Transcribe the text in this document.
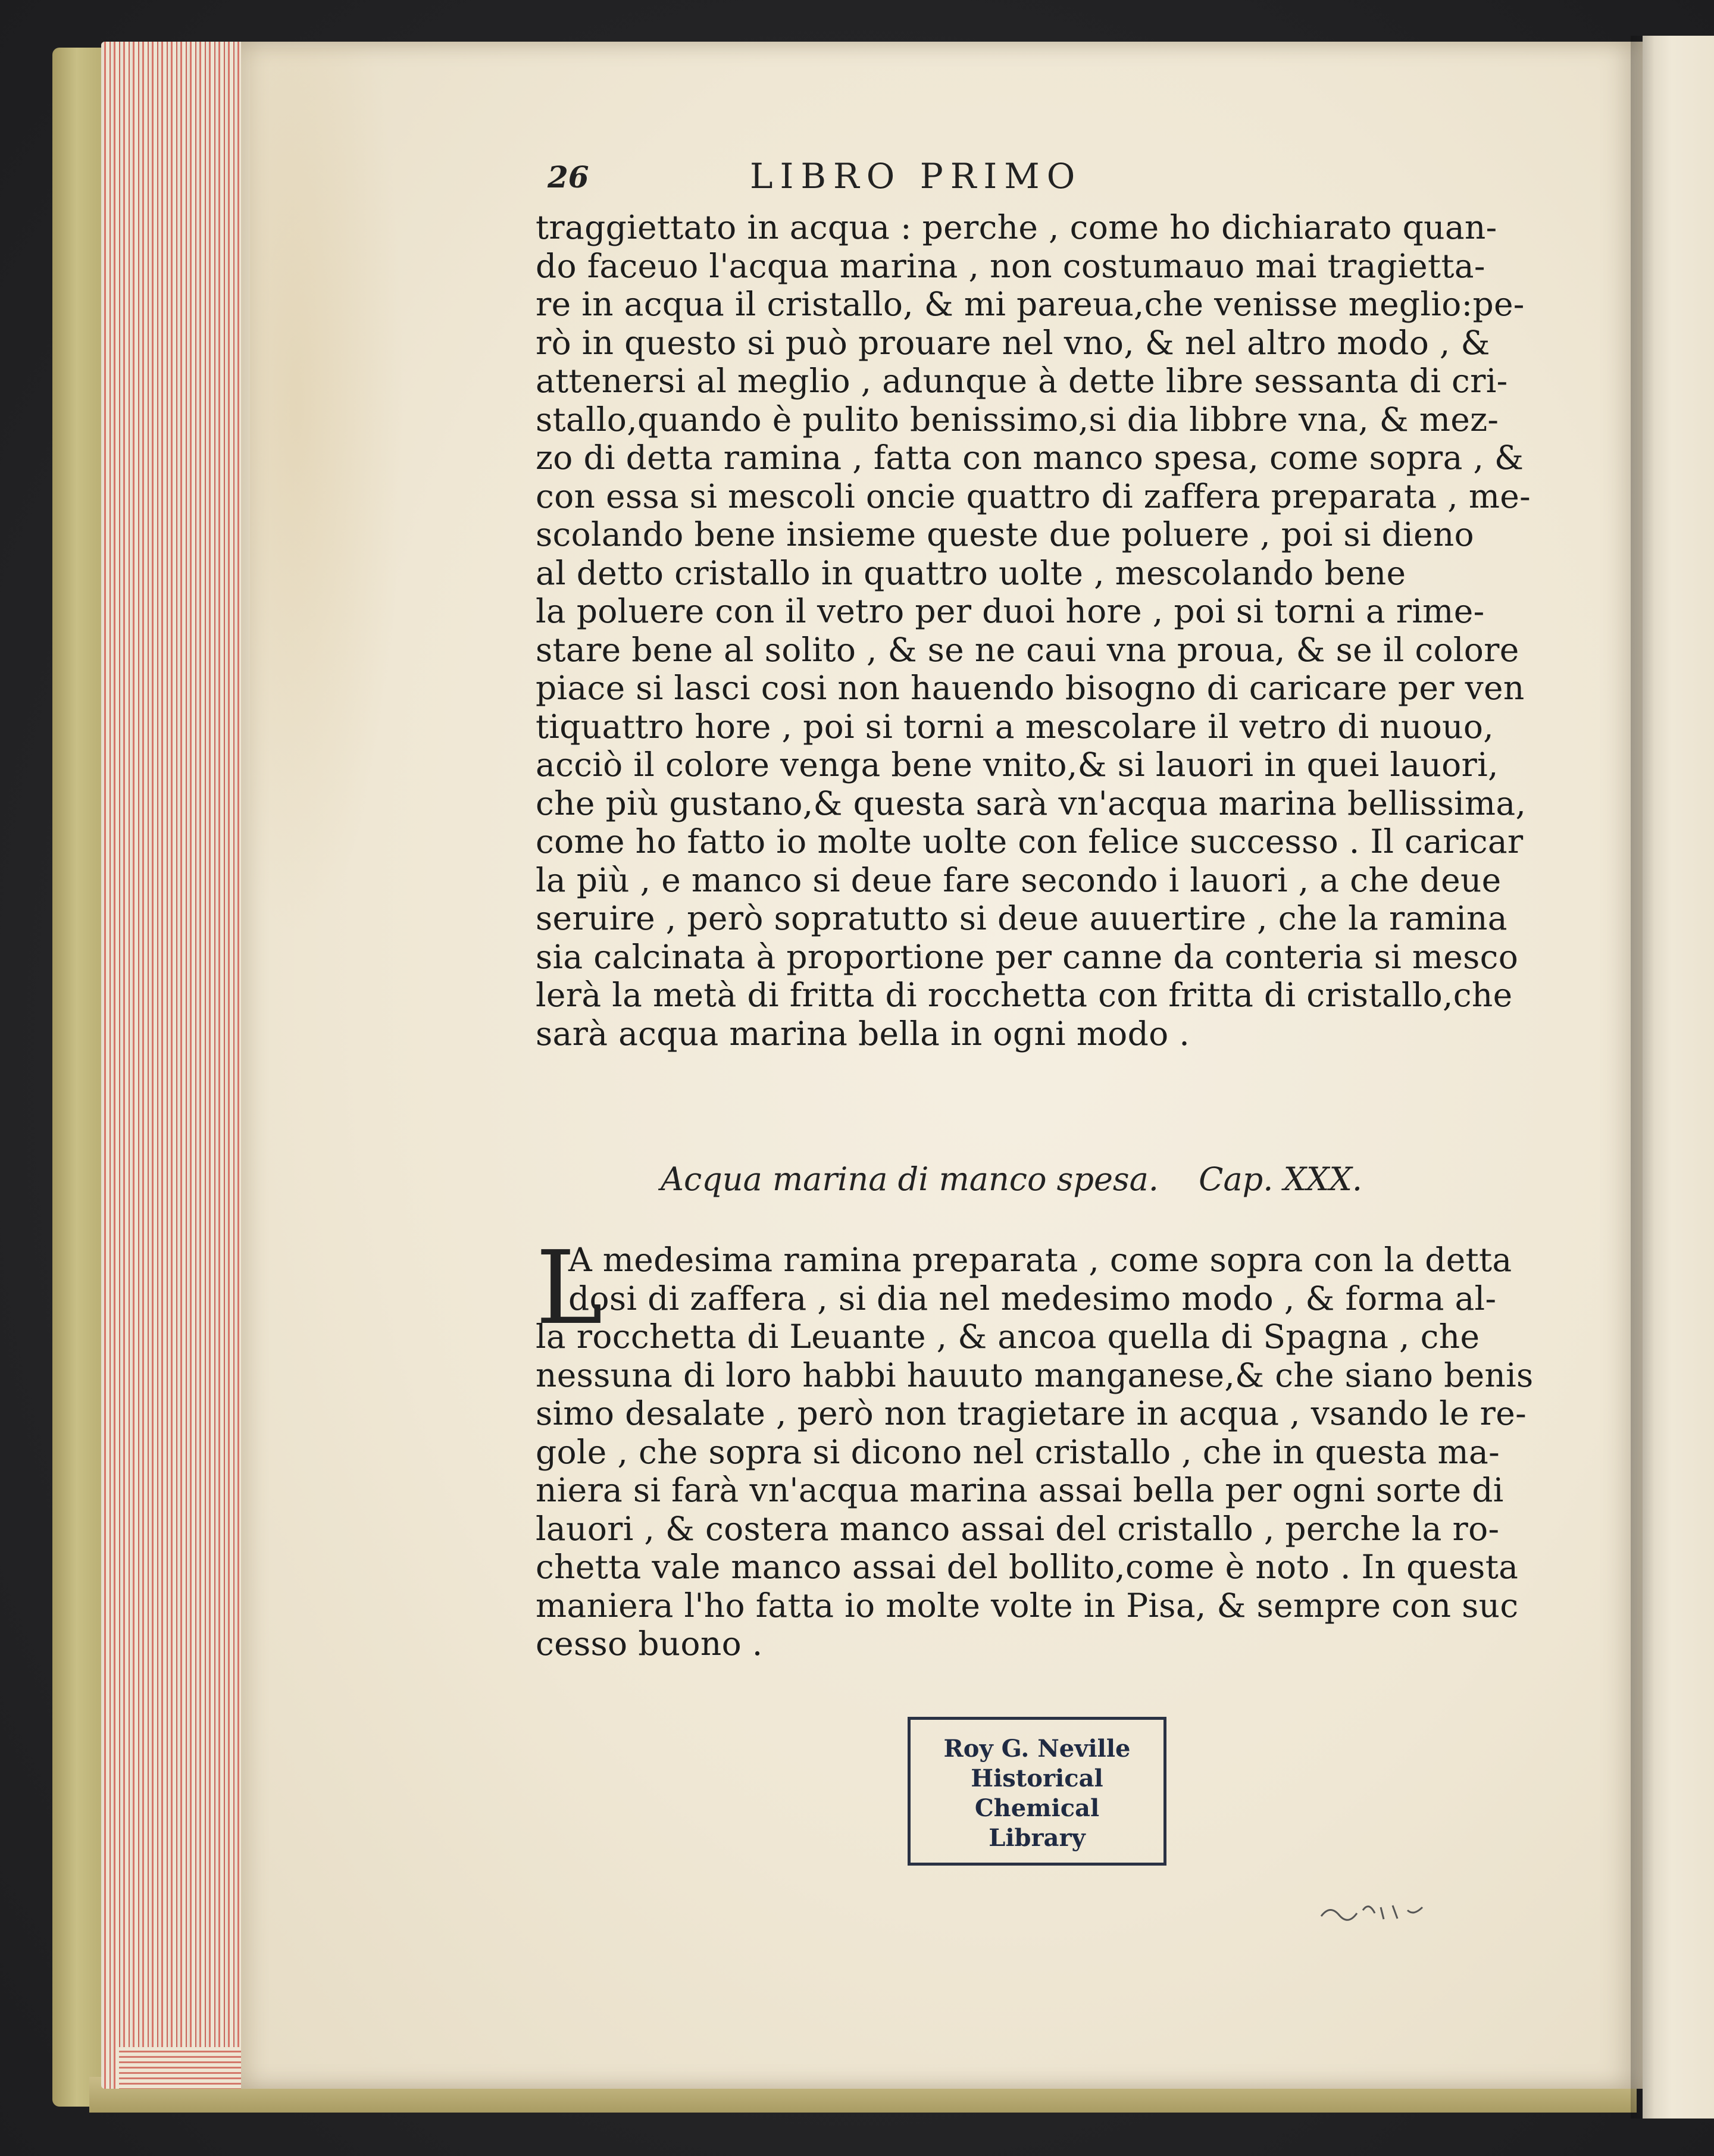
26	LIBRO PRIMO
traggiettato in acqua : perche , come ho dichiarato quan-
do faceuo l'acqua marina , non costumauo mai tragietta-
re in acqua il cristallo, & mi pareua,che venisse meglio:pe-
rò in questo si può prouare nel vno, & nel altro modo , &
attenersi al meglio , adunque à dette libre sessanta di cri-
stallo,quando è pulito benissimo,si dia libbre vna, & mez-
zo di detta ramina , fatta con manco spesa, come sopra , &
con essa si mescoli oncie quattro di zaffera preparata , me-
scolando bene insieme queste due poluere , poi si dieno
al detto cristallo in quattro uolte , mescolando bene
la poluere con il vetro per duoi hore , poi si torni a rime-
stare bene al solito , & se ne caui vna proua, & se il colore
piace si lasci cosi non hauendo bisogno di caricare per ven
tiquattro hore , poi si torni a mescolare il vetro di nuouo,
acciò il colore venga bene vnito,& si lauori in quei lauori,
che più gustano,& questa sarà vn'acqua marina bellissima,
come ho fatto io molte uolte con felice successo . Il caricar
la più , e manco si deue fare secondo i lauori , a che deue
seruire , però sopratutto si deue auuertire , che la ramina
sia calcinata à proportione per canne da conteria si mesco
lerà la metà di fritta di rocchetta con fritta di cristallo,che
sarà acqua marina bella in ogni modo .
Acqua marina di manco spesa. Cap. XXX.
L
A medesima ramina preparata , come sopra con la detta
dosi di zaffera , si dia nel medesimo modo , & forma al-
la rocchetta di Leuante , & ancoa quella di Spagna , che
nessuna di loro habbi hauuto manganese,& che siano benis
simo desalate , però non tragietare in acqua , vsando le re-
gole , che sopra si dicono nel cristallo , che in questa ma-
niera si farà vn'acqua marina assai bella per ogni sorte di
lauori , & costera manco assai del cristallo , perche la ro-
chetta vale manco assai del bollito,come è noto . In questa
maniera l'ho fatta io molte volte in Pisa, & sempre con suc
cesso buono .
Roy G. Neville
Historical
Chemical
Library
